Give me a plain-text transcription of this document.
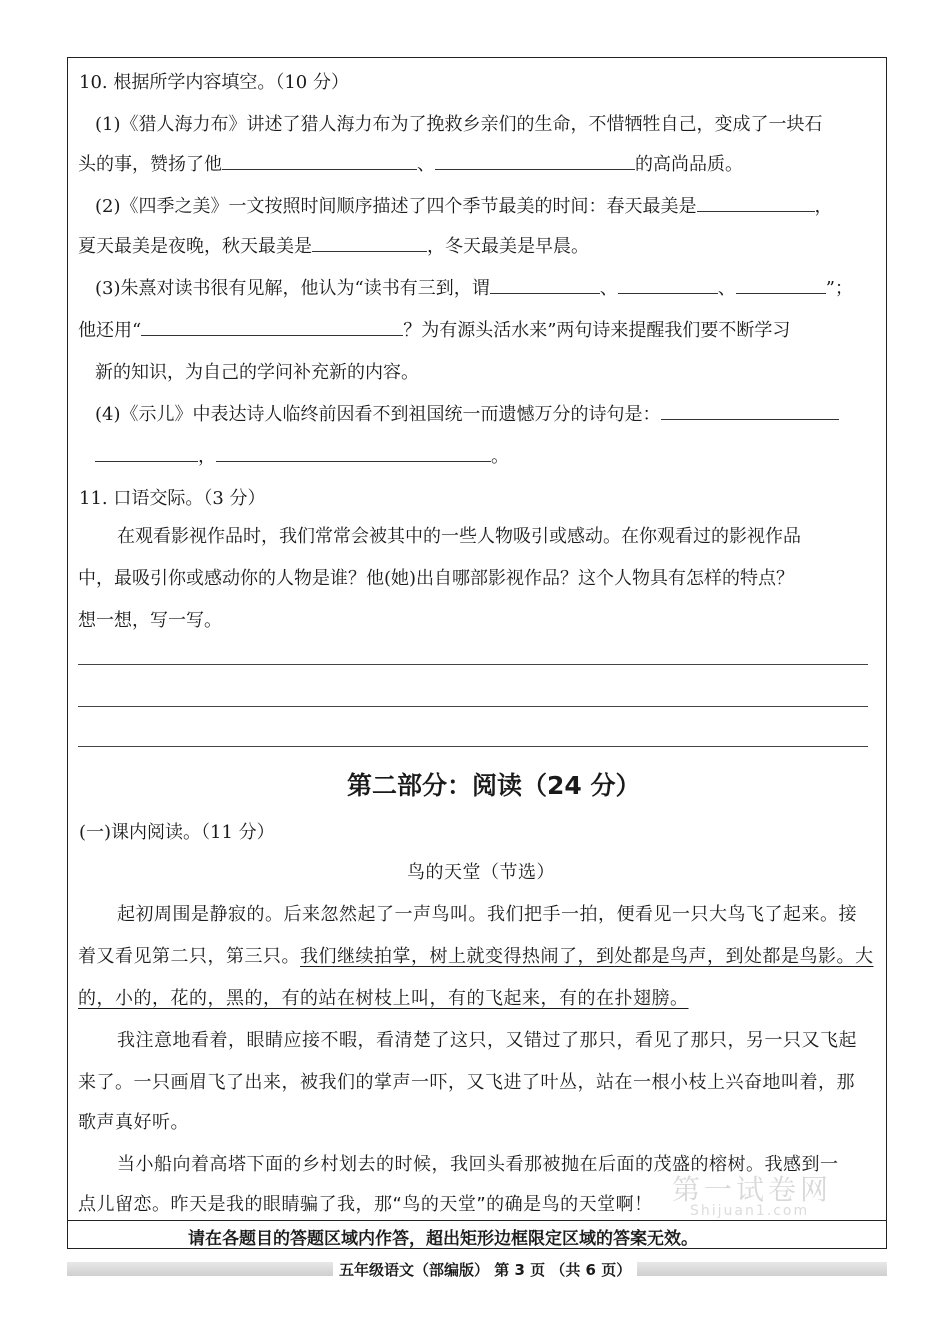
10. 根据所学内容填空。（10 分）
(1)《猎人海力布》讲述了猎人海力布为了挽救乡亲们的生命，不惜牺牲自己，变成了一块石
头的事，赞扬了他	、	的高尚品质。
(2)《四季之美》一文按照时间顺序描述了四个季节最美的时间：春天最美是	，
夏天最美是夜晚，秋天最美是	，冬天最美是早晨。
(3)朱熹对读书很有见解，他认为“读书有三到，谓	、	、	”；
他还用“	？为有源头活水来”两句诗来提醒我们要不断学习
新的知识，为自己的学问补充新的内容。
(4)《示儿》中表达诗人临终前因看不到祖国统一而遗憾万分的诗句是：
，	。
11. 口语交际。（3 分）
在观看影视作品时，我们常常会被其中的一些人物吸引或感动。在你观看过的影视作品
中，最吸引你或感动你的人物是谁？他(她)出自哪部影视作品？这个人物具有怎样的特点？
想一想，写一写。
第二部分：阅读（24 分）
(一)课内阅读。（11 分）
鸟的天堂（节选）
起初周围是静寂的。后来忽然起了一声鸟叫。我们把手一拍，便看见一只大鸟飞了起来。接
着又看见第二只，第三只。我们继续拍掌，树上就变得热闹了，到处都是鸟声，到处都是鸟影。大
的，小的，花的，黑的，有的站在树枝上叫，有的飞起来，有的在扑翅膀。
我注意地看着，眼睛应接不暇，看清楚了这只，又错过了那只，看见了那只，另一只又飞起
来了。一只画眉飞了出来，被我们的掌声一吓，又飞进了叶丛，站在一根小枝上兴奋地叫着，那
歌声真好听。
当小船向着高塔下面的乡村划去的时候，我回头看那被抛在后面的茂盛的榕树。我感到一
点儿留恋。昨天是我的眼睛骗了我，那“鸟的天堂”的确是鸟的天堂啊！ 第一试卷网
Shijuan1.com
请在各题目的答题区域内作答，超出矩形边框限定区域的答案无效。
五年级语文（部编版） 第 3 页 （共 6 页）
